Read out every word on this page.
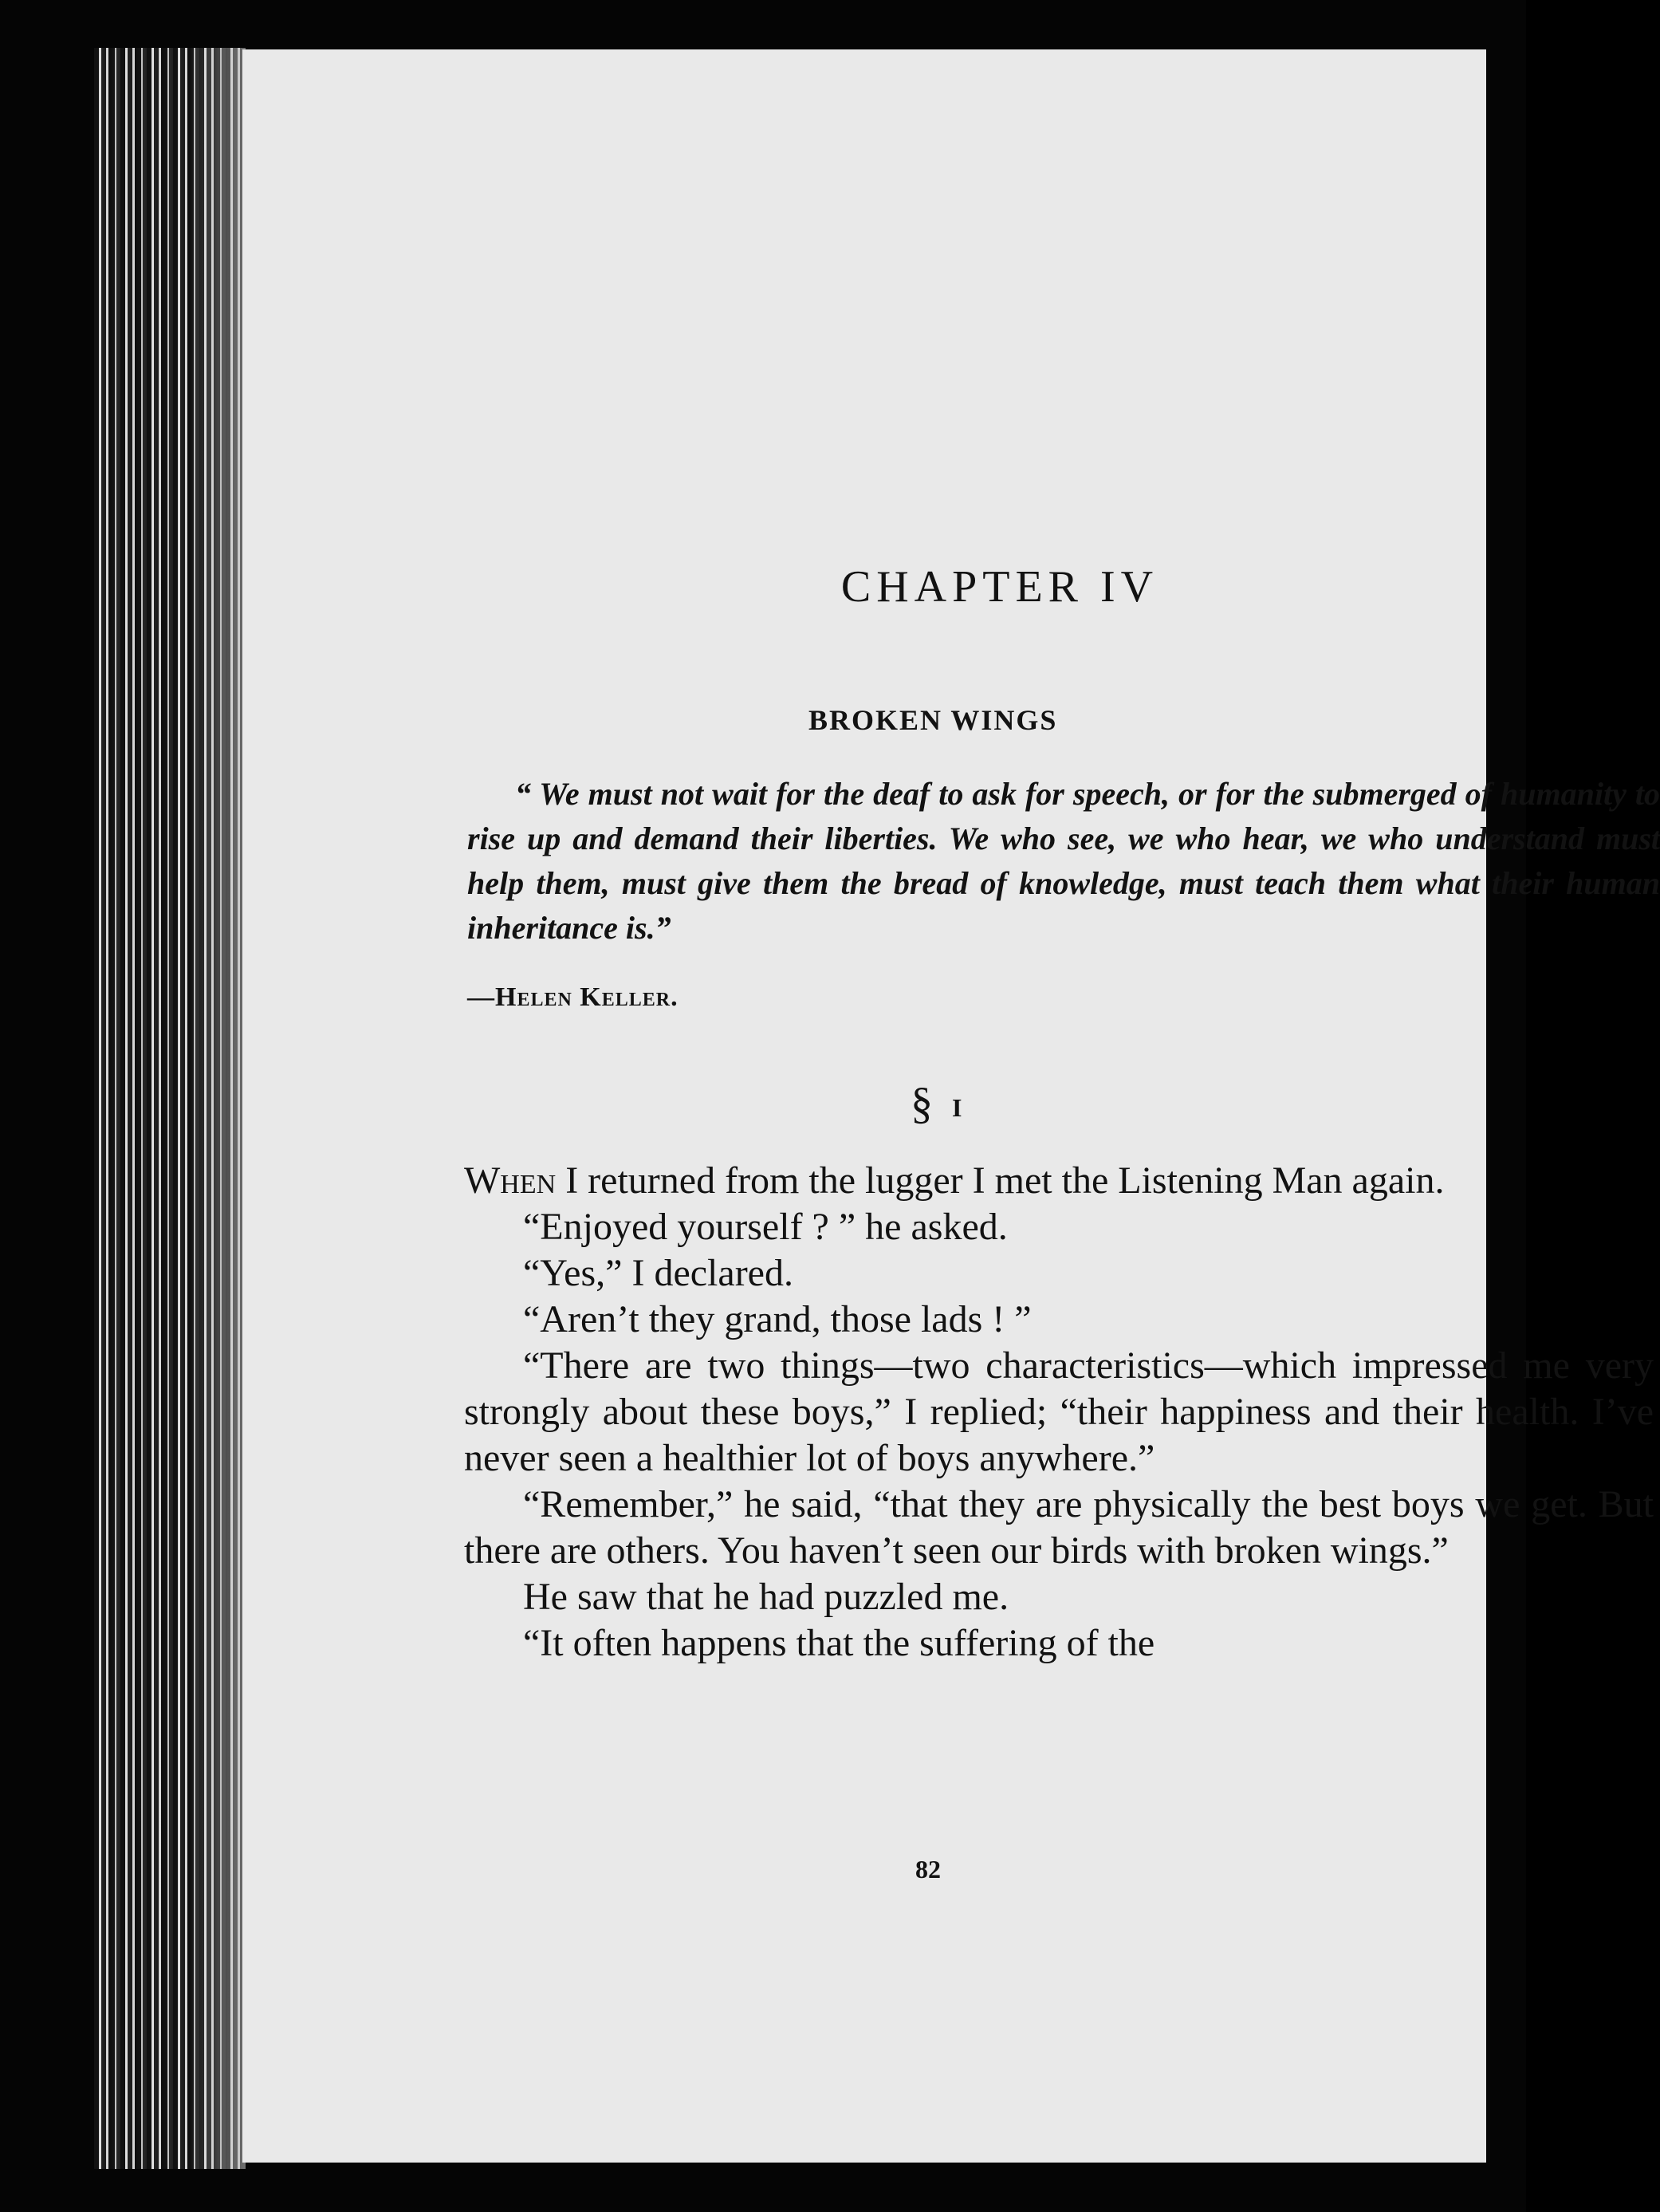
CHAPTER IV
BROKEN WINGS

“ We must not wait for the deaf to ask for speech, or for the submerged of humanity to rise up and demand their liberties. We who see, we who hear, we who understand must help them, must give them the bread of knowledge, must teach them what their human inheritance is.”

—Helen Keller.
§ I

When I returned from the lugger I met the Listening Man again.

“Enjoyed yourself ? ” he asked.

“Yes,” I declared.

“Aren’t they grand, those lads ! ”

“There are two things—two characteristics—which impressed me very strongly about these boys,” I replied; “their happiness and their health. I’ve never seen a healthier lot of boys anywhere.”

“Remember,” he said, “that they are physically the best boys we get. But there are others. You haven’t seen our birds with broken wings.”

He saw that he had puzzled me.

“It often happens that the suffering of the

82
